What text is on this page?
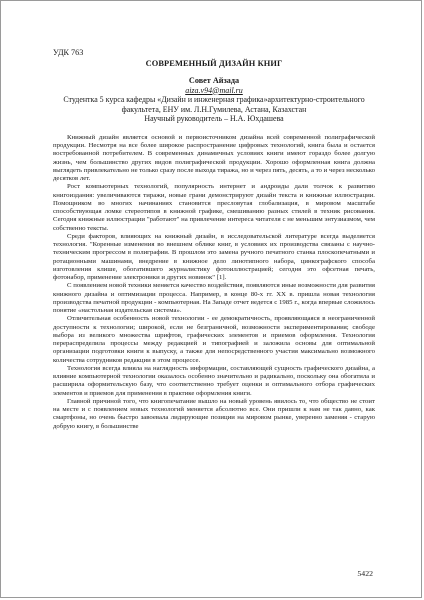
УДК 763

СОВРЕМЕННЫЙ ДИЗАЙН КНИГ

Совет Айзада

aiza.v94@mail.ru

Студентка 5 курса кафедры «Дизайн и инженерная графика»архитектурно-строительного факультета, ЕНУ им. Л.Н.Гумилева, Астана, Казахстан
Научный руководитель – Н.А. Юхдашева

Книжный дизайн является основой и первоисточником дизайна всей современной полиграфической продукции. Несмотря на все более широкое распространение цифровых технологий, книга была и остается востребованной потребителем. В современных динамичных условиях книги имеют гораздо более долгую жизнь, чем большинство других видов полиграфической продукции. Хорошо оформленная книга должна выглядеть привлекательно не только сразу после выхода тиража, но и через пять, десять, а то и через несколько десятков лет.

Рост компьютерных технологий, популярность интернет и андроиды дали толчок к развитию книгоиздания: увеличиваются тиражи, новые грани демонстрируют дизайн текста и книжные иллюстрации. Помощником во многих начинаниях становится пресловутая глобализация, в мировом масштабе способствующая ломке стереотипов в книжной графике, смешиванию разных стилей в техник рисования. Сегодня книжные иллюстрации "работают" на привлечение интереса читателя с не меньшим энтузиазмом, чем собственно тексты.

Среди факторов, влияющих на книжный дизайн, в исследовательской литературе всегда выделяется технология. "Коренные изменения во внешнем облике книг, в условиях их производства связаны с научно-техническим прогрессом в полиграфии. В прошлом это замена ручного печатного станка плоскопечатными и ротационными машинами, внедрение в книжное дело линотипного набора, цинкографского способа изготовления клише, обогатившего журналистику фотоиллюстрацией; сегодня это офсетная печать, фотонабор, применение электроники и других новинок" [1].

С появлением новой техники меняется качество воздействия, появляются иные возможности для развития книжного дизайна и оптимизации процесса. Например, в конце 80-х гг. XX в. пришла новая технология производства печатной продукции - компьютерная. На Западе отчет ведется с 1985 г., когда впервые сложилось понятие «настольная издательская система».

Отличительная особенность новой технологии - ее демократичность, проявляющаяся в неограниченной доступности к технологии; широкой, если не безграничной, возможности экспериментирования; свободе выбора из великого множества шрифтов, графических элементов и приемов оформления. Технология перераспределила процессы между редакцией и типографией и заложила основы для оптимальной организации подготовки книги к выпуску, а также для непосредственного участия максимально возможного количества сотрудников редакции в этом процессе.

Технология всегда влияла на наглядность информации, составляющей сущность графического дизайна, а влияние компьютерной технологии оказалось особенно значительно и радикально, поскольку она обогатила и расширила оформительскую базу, что соответственно требует оценки и оптимального отбора графических элементов и приемов для применения в практике оформления книги.

Главной причиной того, что книгопечатание вышло на новый уровень явилось то, что общество не стоит на месте и с появлением новых технологий меняется абсолютно все. Они пришли к нам не так давно, как смартфоны, но очень быстро завоевала лидирующие позиции на мировом рынке, уверенно заменяя - старую добрую книгу, в большинстве

5422
